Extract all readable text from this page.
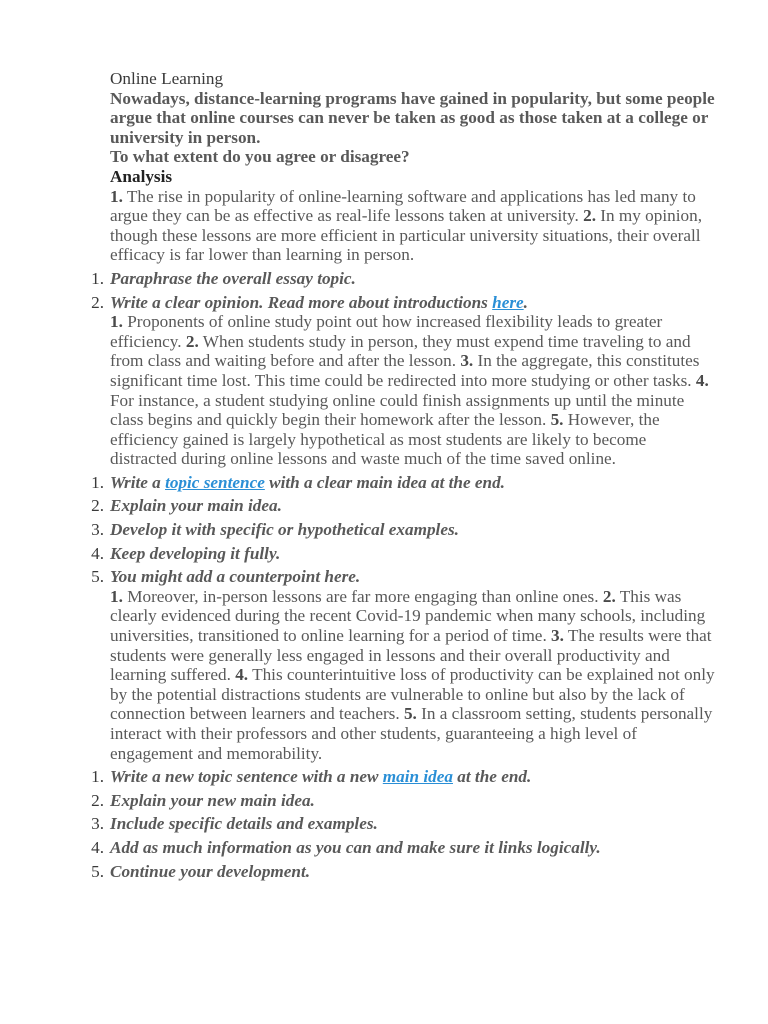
Online Learning

Nowadays, distance-learning programs have gained in popularity, but some people argue that online courses can never be taken as good as those taken at a college or university in person.

To what extent do you agree or disagree?

Analysis

1. The rise in popularity of online-learning software and applications has led many to argue they can be as effective as real-life lessons taken at university. 2. In my opinion, though these lessons are more efficient in particular university situations, their overall efficacy is far lower than learning in person.

1. Paraphrase the overall essay topic.
2. Write a clear opinion. Read more about introductions here.

1. Proponents of online study point out how increased flexibility leads to greater efficiency. 2. When students study in person, they must expend time traveling to and from class and waiting before and after the lesson. 3. In the aggregate, this constitutes significant time lost. This time could be redirected into more studying or other tasks. 4. For instance, a student studying online could finish assignments up until the minute class begins and quickly begin their homework after the lesson. 5. However, the efficiency gained is largely hypothetical as most students are likely to become distracted during online lessons and waste much of the time saved online.

1. Write a topic sentence with a clear main idea at the end.
2. Explain your main idea.
3. Develop it with specific or hypothetical examples.
4. Keep developing it fully.
5. You might add a counterpoint here.

1. Moreover, in-person lessons are far more engaging than online ones. 2. This was clearly evidenced during the recent Covid-19 pandemic when many schools, including universities, transitioned to online learning for a period of time. 3. The results were that students were generally less engaged in lessons and their overall productivity and learning suffered. 4. This counterintuitive loss of productivity can be explained not only by the potential distractions students are vulnerable to online but also by the lack of connection between learners and teachers. 5. In a classroom setting, students personally interact with their professors and other students, guaranteeing a high level of engagement and memorability.

1. Write a new topic sentence with a new main idea at the end.
2. Explain your new main idea.
3. Include specific details and examples.
4. Add as much information as you can and make sure it links logically.
5. Continue your development.
